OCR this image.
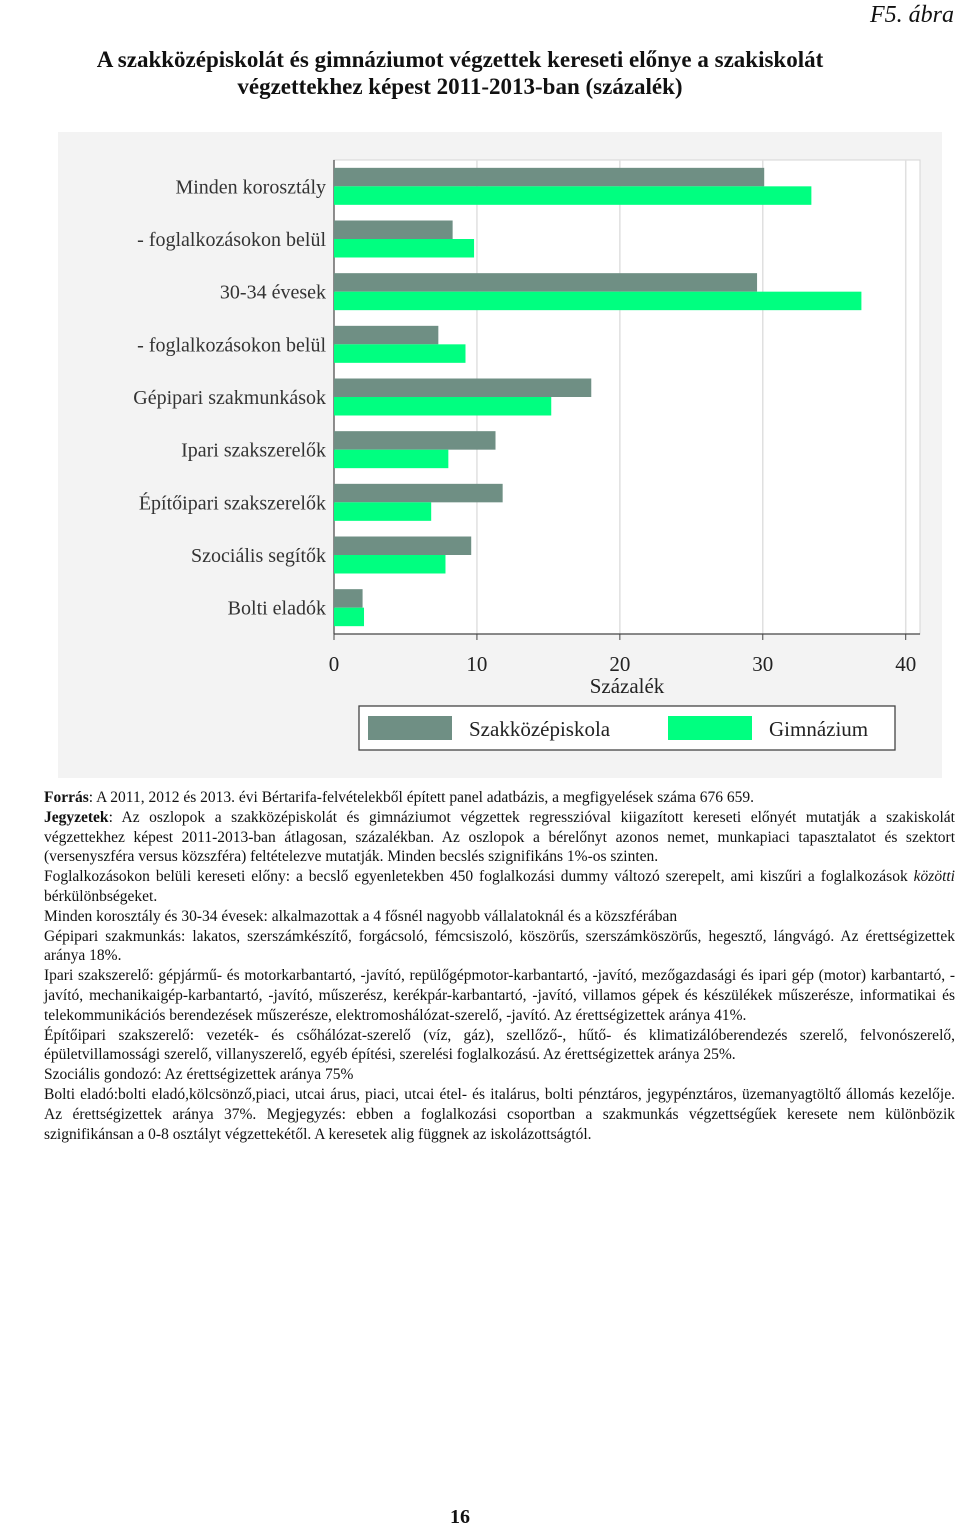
F5. ábra
A szakközépiskolát és gimnáziumot végzettek kereseti előnye a szakiskolát
végzettekhez képest 2011-2013-ban (százalék)
0	10	20	30	40
Minden korosztály
- foglalkozásokon belül
30-34 évesek
- foglalkozásokon belül
Gépipari szakmunkások
Ipari szakszerelők
Építőipari szakszerelők
Szociális segítők
Bolti eladók
Százalék
Szakközépiskola	Gimnázium

Forrás: A 2011, 2012 és 2013. évi Bértarifa-felvételekből épített panel adatbázis, a megfigyelések száma 676 659.

Jegyzetek: Az oszlopok a szakközépiskolát és gimnáziumot végzettek regresszióval kiigazított kereseti előnyét mutatják a szakiskolát végzettekhez képest 2011-2013-ban átlagosan, százalékban. Az oszlopok a bérelőnyt azonos nemet, munkapiaci tapasztalatot és szektort (versenyszféra versus közszféra) feltételezve mutatják. Minden becslés szignifikáns 1%-os szinten.

Foglalkozásokon belüli kereseti előny: a becslő egyenletekben 450 foglalkozási dummy változó szerepelt, ami kiszűri a foglalkozások közötti bérkülönbségeket.

Minden korosztály és 30-34 évesek: alkalmazottak a 4 fősnél nagyobb vállalatoknál és a közszférában

Gépipari szakmunkás: lakatos, szerszámkészítő, forgácsoló, fémcsiszoló, köszörűs, szerszámköszörűs, hegesztő, lángvágó. Az érettségizettek aránya 18%.

Ipari szakszerelő: gépjármű- és motorkarbantartó, -javító, repülőgépmotor-karbantartó, -javító, mezőgazdasági és ipari gép (motor) karbantartó, -javító, mechanikaigép-karbantartó, -javító, műszerész, kerékpár-karbantartó, -javító, villamos gépek és készülékek műszerésze, informatikai és telekommunikációs berendezések műszerésze, elektromoshálózat-szerelő, -javító. Az érettségizettek aránya 41%.

Építőipari szakszerelő: vezeték- és csőhálózat-szerelő (víz, gáz), szellőző-, hűtő- és klimatizálóberendezés szerelő, felvonószerelő, épületvillamossági szerelő, villanyszerelő, egyéb építési, szerelési foglalkozású. Az érettségizettek aránya 25%.

Szociális gondozó: Az érettségizettek aránya 75%

Bolti eladó:bolti eladó,kölcsönző,piaci, utcai árus, piaci, utcai étel- és italárus, bolti pénztáros, jegypénztáros, üzemanyagtöltő állomás kezelője. Az érettségizettek aránya 37%. Megjegyzés: ebben a foglalkozási csoportban a szakmunkás végzettségűek keresete nem különbözik szignifikánsan a 0-8 osztályt végzettekétől. A keresetek alig függnek az iskolázottságtól.

16
